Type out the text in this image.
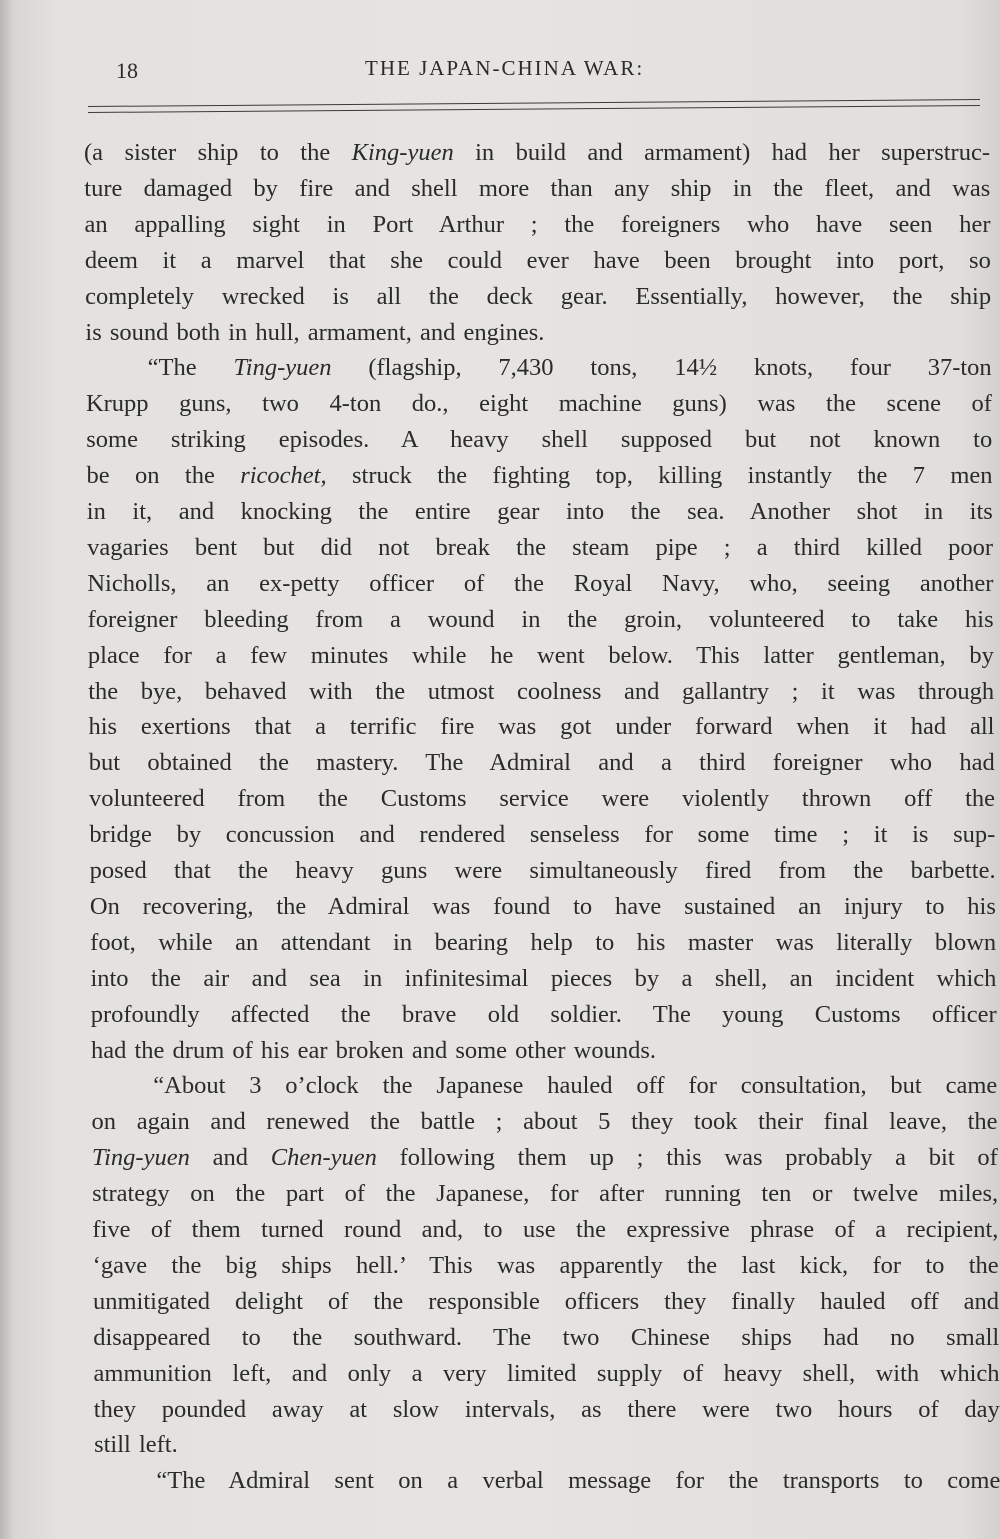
18	THE JAPAN-CHINA WAR:
(a sister ship to the King-yuen in build and armament) had her superstruc-
ture damaged by fire and shell more than any ship in the fleet, and was
an appalling sight in Port Arthur ; the foreigners who have seen her
deem it a marvel that she could ever have been brought into port, so
completely wrecked is all the deck gear. Essentially, however, the ship
is sound both in hull, armament, and engines.
“The Ting-yuen (flagship, 7,430 tons, 14½ knots, four 37-ton
Krupp guns, two 4-ton do., eight machine guns) was the scene of
some striking episodes. A heavy shell supposed but not known to
be on the ricochet, struck the fighting top, killing instantly the 7 men
in it, and knocking the entire gear into the sea. Another shot in its
vagaries bent but did not break the steam pipe ; a third killed poor
Nicholls, an ex-petty officer of the Royal Navy, who, seeing another
foreigner bleeding from a wound in the groin, volunteered to take his
place for a few minutes while he went below. This latter gentleman, by
the bye, behaved with the utmost coolness and gallantry ; it was through
his exertions that a terrific fire was got under forward when it had all
but obtained the mastery. The Admiral and a third foreigner who had
volunteered from the Customs service were violently thrown off the
bridge by concussion and rendered senseless for some time ; it is sup-
posed that the heavy guns were simultaneously fired from the barbette.
On recovering, the Admiral was found to have sustained an injury to his
foot, while an attendant in bearing help to his master was literally blown
into the air and sea in infinitesimal pieces by a shell, an incident which
profoundly affected the brave old soldier. The young Customs officer
had the drum of his ear broken and some other wounds.
“About 3 o’clock the Japanese hauled off for consultation, but came
on again and renewed the battle ; about 5 they took their final leave, the
Ting-yuen and Chen-yuen following them up ; this was probably a bit of
strategy on the part of the Japanese, for after running ten or twelve miles,
five of them turned round and, to use the expressive phrase of a recipient,
‘gave the big ships hell.’ This was apparently the last kick, for to the
unmitigated delight of the responsible officers they finally hauled off and
disappeared to the southward. The two Chinese ships had no small
ammunition left, and only a very limited supply of heavy shell, with which
they pounded away at slow intervals, as there were two hours of day
still left.
“The Admiral sent on a verbal message for the transports to come
